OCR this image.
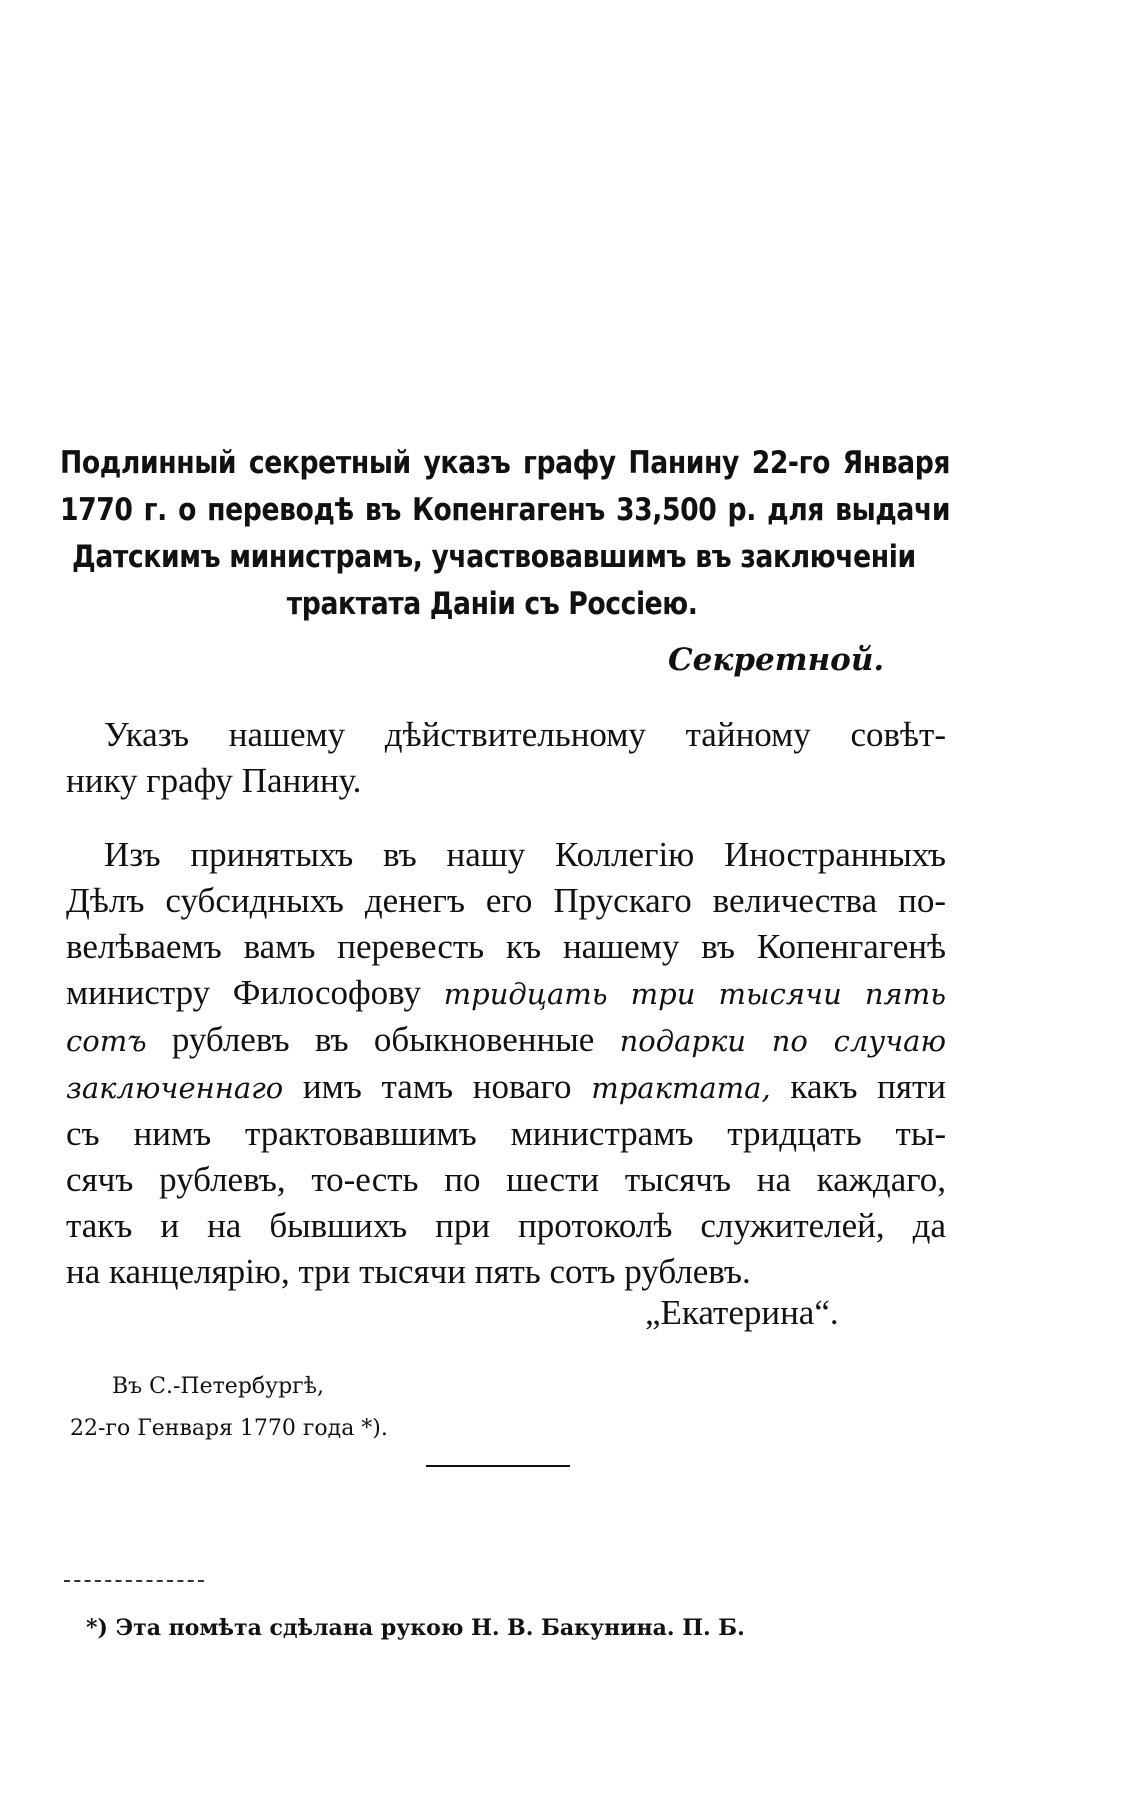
Подлинный секретный указъ графу Панину 22-го Января
1770 г. о переводѣ въ Копенгагенъ 33,500 р. для выдачи
Датскимъ министрамъ, участвовавшимъ въ заключенiи
трактата Данiи съ Россiею.
Секретной.
Указъ нашему дѣйствительному тайному совѣт-
нику графу Панину.
Изъ принятыхъ въ нашу Коллегiю Иностранныхъ
Дѣлъ субсидныхъ денегъ его Прускаго величества по-
велѣваемъ вамъ перевесть къ нашему въ Копенгагенѣ
министру Философову тридцать три тысячи пять
сотъ рублевъ въ обыкновенные подарки по случаю
заключеннаго имъ тамъ новаго трактата, какъ пяти
съ нимъ трактовавшимъ министрамъ тридцать ты-
сячъ рублевъ, то-есть по шести тысячъ на каждаго,
такъ и на бывшихъ при протоколѣ служителей, да
на канцелярiю, три тысячи пять сотъ рублевъ.
„Екатерина“.
Въ С.-Петербургѣ,
22-го Генваря 1770 года *).
*) Эта помѣта сдѣлана рукою Н. В. Бакунина. П. Б.
